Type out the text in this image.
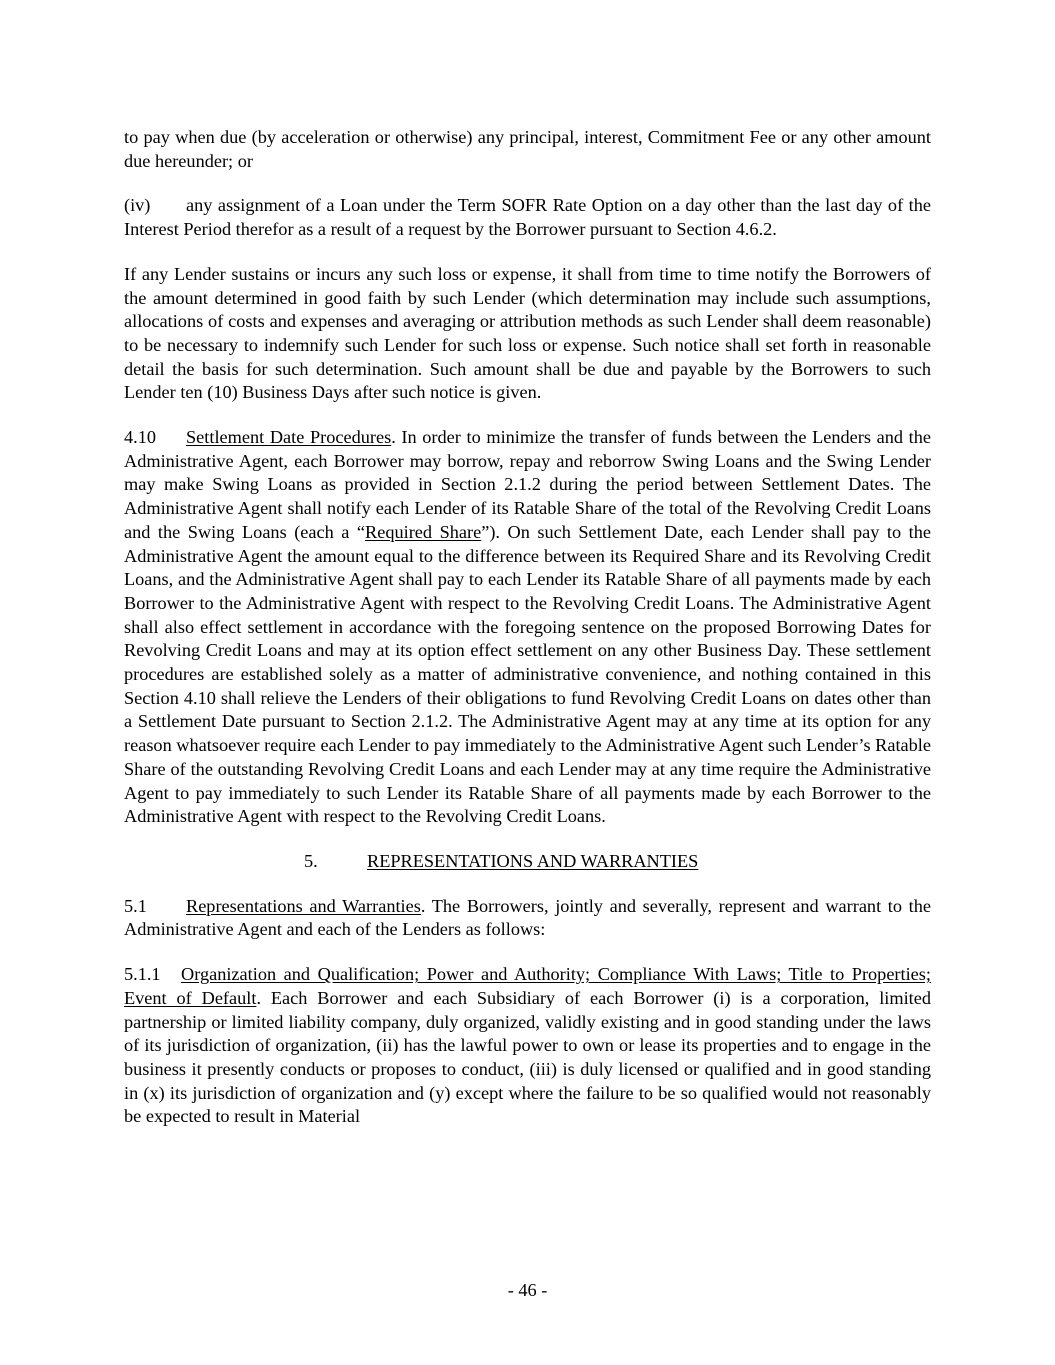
to pay when due (by acceleration or otherwise) any principal, interest, Commitment Fee or any other amount due hereunder; or

(iv) any assignment of a Loan under the Term SOFR Rate Option on a day other than the last day of the Interest Period therefor as a result of a request by the Borrower pursuant to Section 4.6.2.

If any Lender sustains or incurs any such loss or expense, it shall from time to time notify the Borrowers of the amount determined in good faith by such Lender (which determination may include such assumptions, allocations of costs and expenses and averaging or attribution methods as such Lender shall deem reasonable) to be necessary to indemnify such Lender for such loss or expense. Such notice shall set forth in reasonable detail the basis for such determination. Such amount shall be due and payable by the Borrowers to such Lender ten (10) Business Days after such notice is given.

4.10 Settlement Date Procedures. In order to minimize the transfer of funds between the Lenders and the Administrative Agent, each Borrower may borrow, repay and reborrow Swing Loans and the Swing Lender may make Swing Loans as provided in Section 2.1.2 during the period between Settlement Dates. The Administrative Agent shall notify each Lender of its Ratable Share of the total of the Revolving Credit Loans and the Swing Loans (each a “Required Share”). On such Settlement Date, each Lender shall pay to the Administrative Agent the amount equal to the difference between its Required Share and its Revolving Credit Loans, and the Administrative Agent shall pay to each Lender its Ratable Share of all payments made by each Borrower to the Administrative Agent with respect to the Revolving Credit Loans. The Administrative Agent shall also effect settlement in accordance with the foregoing sentence on the proposed Borrowing Dates for Revolving Credit Loans and may at its option effect settlement on any other Business Day. These settlement procedures are established solely as a matter of administrative convenience, and nothing contained in this Section 4.10 shall relieve the Lenders of their obligations to fund Revolving Credit Loans on dates other than a Settlement Date pursuant to Section 2.1.2. The Administrative Agent may at any time at its option for any reason whatsoever require each Lender to pay immediately to the Administrative Agent such Lender’s Ratable Share of the outstanding Revolving Credit Loans and each Lender may at any time require the Administrative Agent to pay immediately to such Lender its Ratable Share of all payments made by each Borrower to the Administrative Agent with respect to the Revolving Credit Loans.

5.	REPRESENTATIONS AND WARRANTIES

5.1 Representations and Warranties. The Borrowers, jointly and severally, represent and warrant to the Administrative Agent and each of the Lenders as follows:

5.1.1 Organization and Qualification; Power and Authority; Compliance With Laws; Title to Properties; Event of Default. Each Borrower and each Subsidiary of each Borrower (i) is a corporation, limited partnership or limited liability company, duly organized, validly existing and in good standing under the laws of its jurisdiction of organization, (ii) has the lawful power to own or lease its properties and to engage in the business it presently conducts or proposes to conduct, (iii) is duly licensed or qualified and in good standing in (x) its jurisdiction of organization and (y) except where the failure to be so qualified would not reasonably be expected to result in Material

- 46 -
